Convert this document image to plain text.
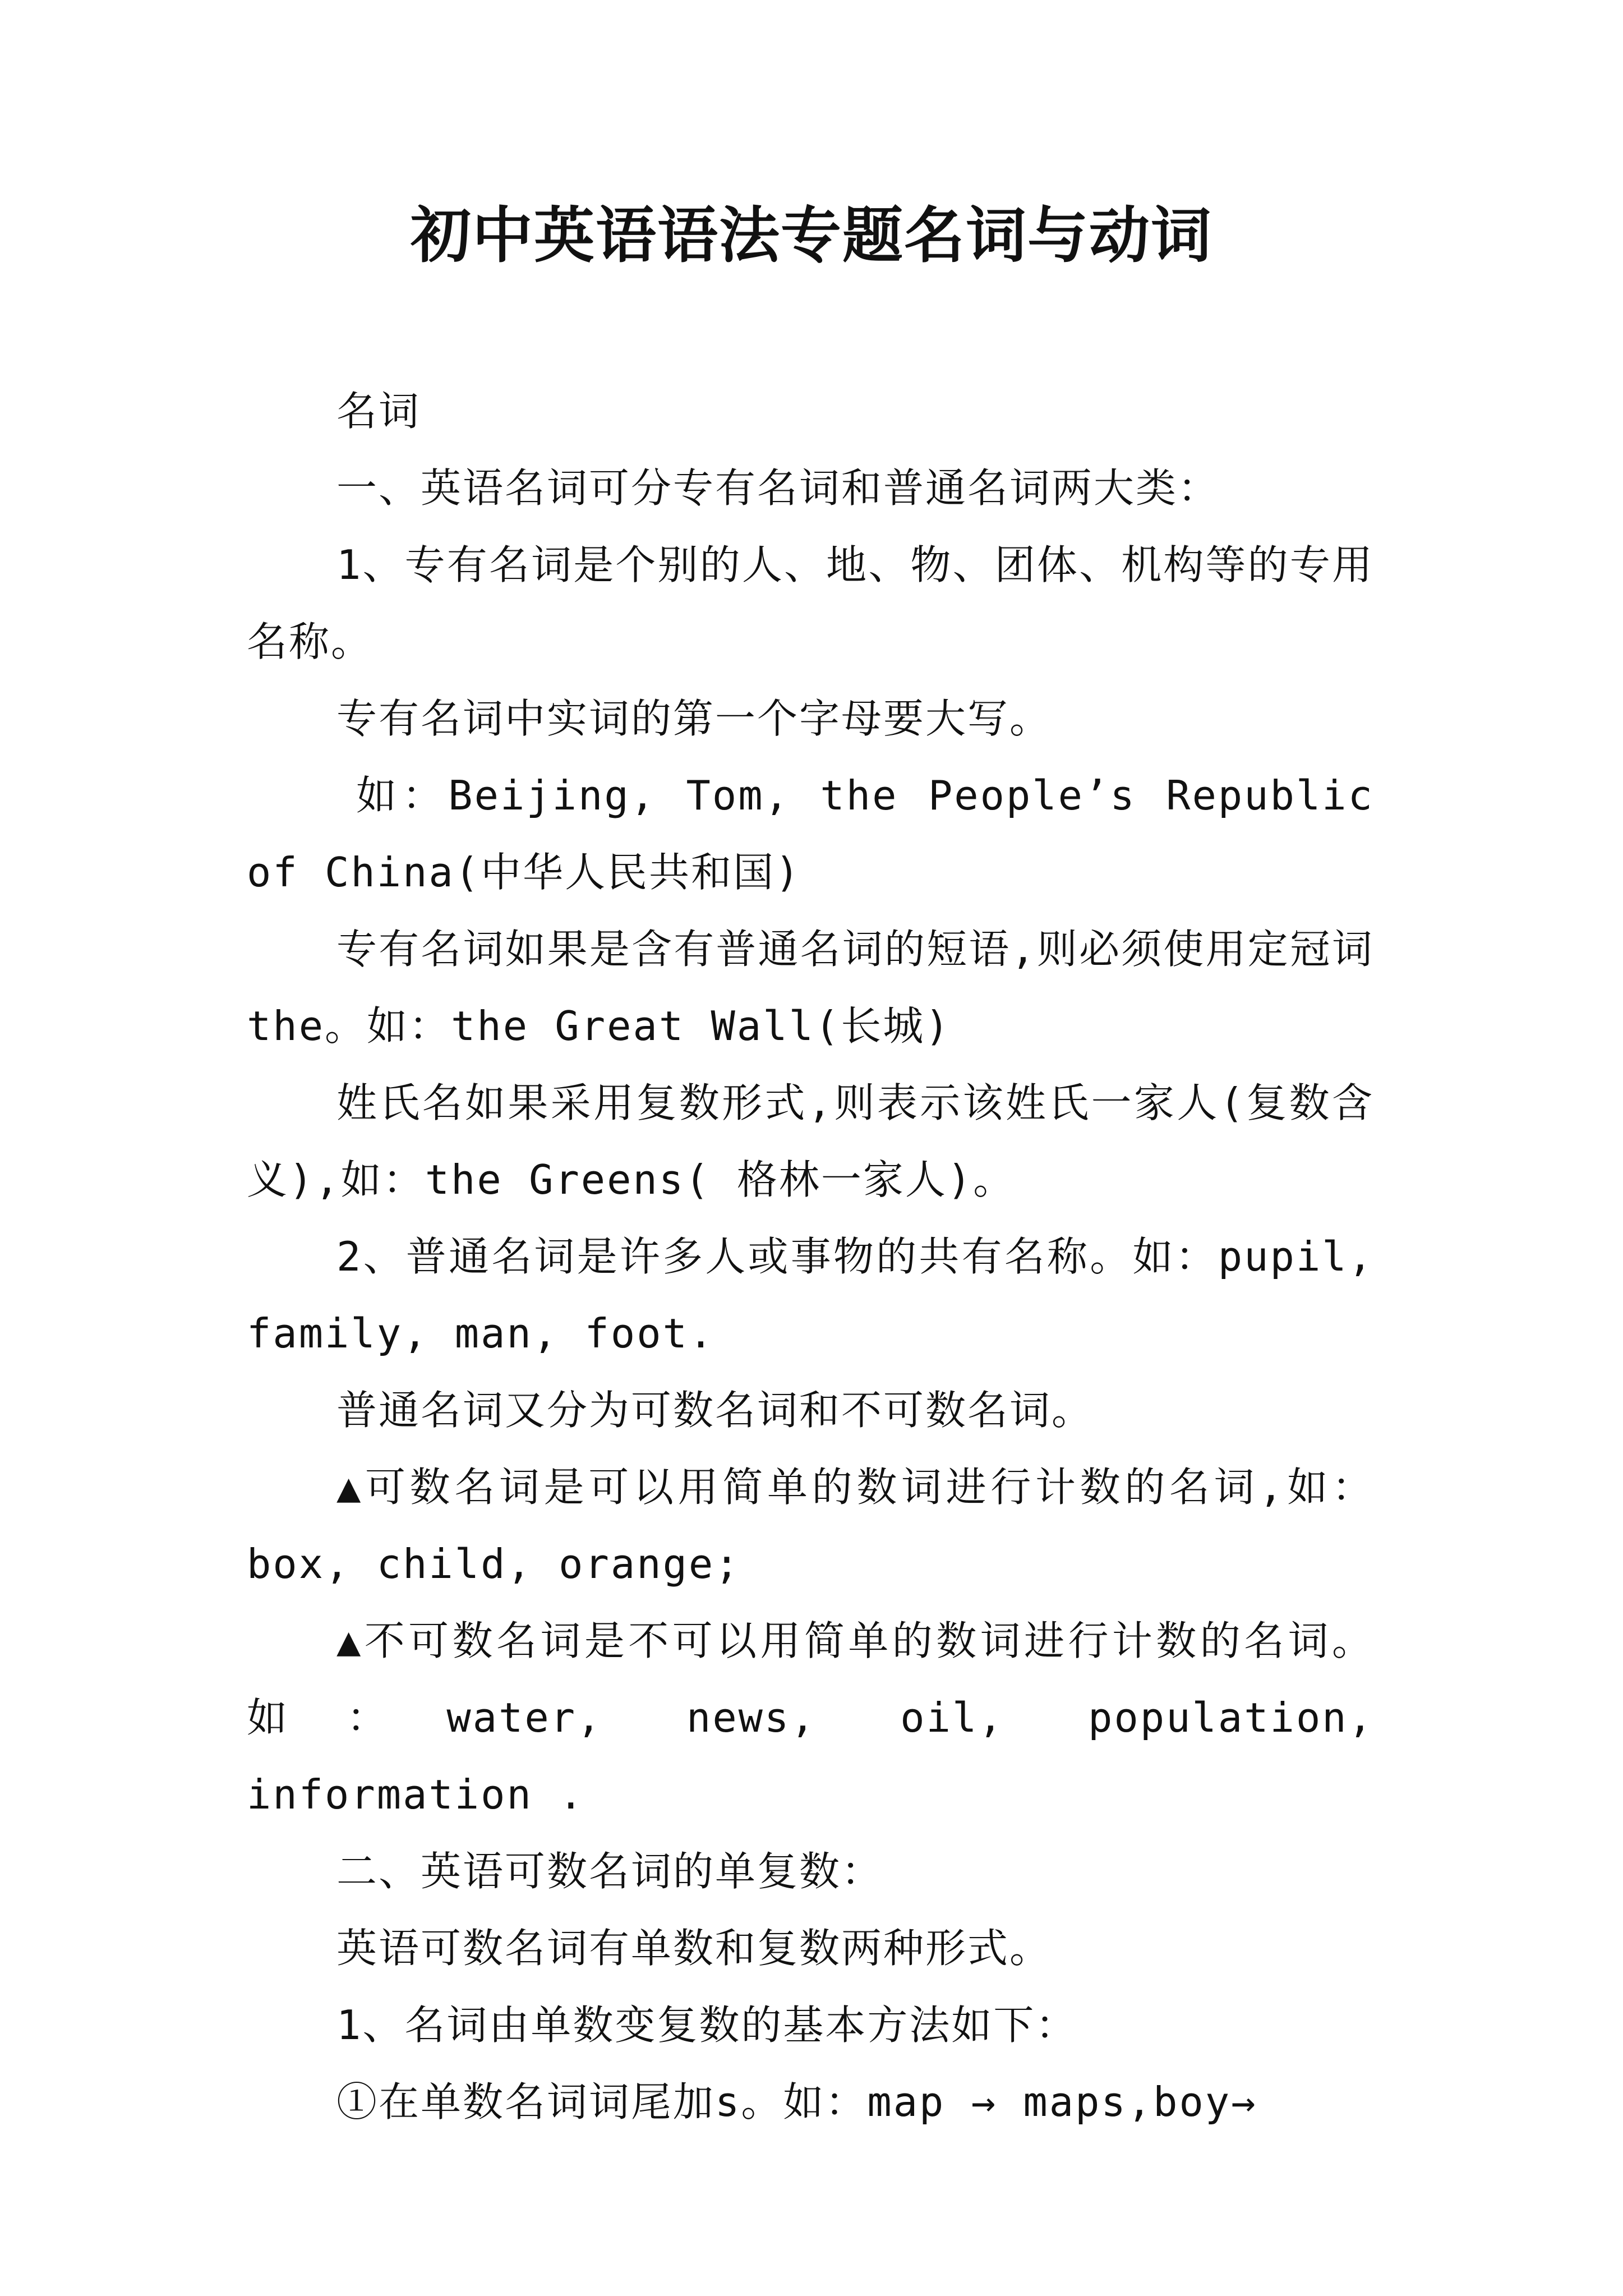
初中英语语法专题名词与动词

名词

一、英语名词可分专有名词和普通名词两大类：

1、专有名词是个别的人、地、物、团体、机构等的专用名称。

专有名词中实词的第一个字母要大写。

如：Beijing, Tom, the People’s Republic of China(中华人民共和国)

专有名词如果是含有普通名词的短语,则必须使用定冠词the。如：the Great Wall(长城)

姓氏名如果采用复数形式,则表示该姓氏一家人(复数含义),如：the Greens( 格林一家人)。

2、普通名词是许多人或事物的共有名称。如：pupil, family, man, foot.

普通名词又分为可数名词和不可数名词。

▲可数名词是可以用简单的数词进行计数的名词,如：box, child, orange;

▲不可数名词是不可以用简单的数词进行计数的名词。如：water, news, oil, population, information .

二、英语可数名词的单复数：

英语可数名词有单数和复数两种形式。

1、名词由单数变复数的基本方法如下：

①在单数名词词尾加s。如：map → maps,boy→
